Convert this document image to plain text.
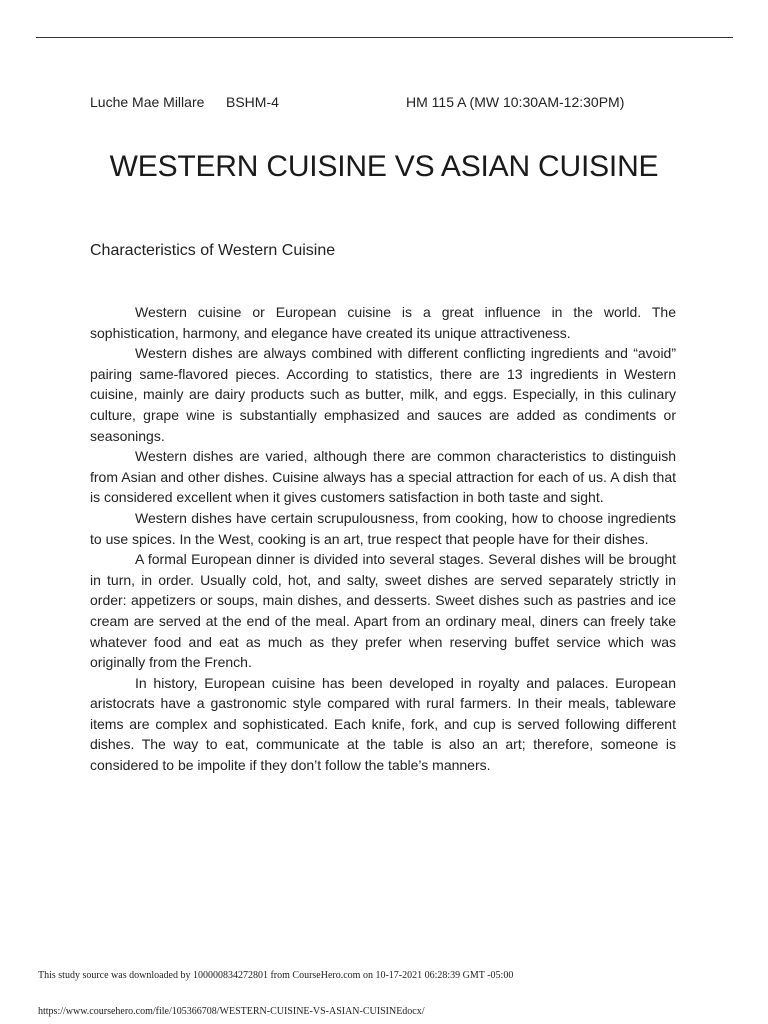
Luche Mae Millare BSHM-4	HM 115 A (MW 10:30AM-12:30PM)
WESTERN CUISINE VS ASIAN CUISINE
Characteristics of Western Cuisine

Western cuisine or European cuisine is a great influence in the world. The sophistication, harmony, and elegance have created its unique attractiveness.

Western dishes are always combined with different conflicting ingredients and “avoid” pairing same-flavored pieces. According to statistics, there are 13 ingredients in Western cuisine, mainly are dairy products such as butter, milk, and eggs. Especially, in this culinary culture, grape wine is substantially emphasized and sauces are added as condiments or seasonings.

Western dishes are varied, although there are common characteristics to distinguish from Asian and other dishes. Cuisine always has a special attraction for each of us. A dish that is considered excellent when it gives customers satisfaction in both taste and sight.

Western dishes have certain scrupulousness, from cooking, how to choose ingredients to use spices. In the West, cooking is an art, true respect that people have for their dishes.

A formal European dinner is divided into several stages. Several dishes will be brought in turn, in order. Usually cold, hot, and salty, sweet dishes are served separately strictly in order: appetizers or soups, main dishes, and desserts. Sweet dishes such as pastries and ice cream are served at the end of the meal. Apart from an ordinary meal, diners can freely take whatever food and eat as much as they prefer when reserving buffet service which was originally from the French.

In history, European cuisine has been developed in royalty and palaces. European aristocrats have a gastronomic style compared with rural farmers. In their meals, tableware items are complex and sophisticated. Each knife, fork, and cup is served following different dishes. The way to eat, communicate at the table is also an art; therefore, someone is considered to be impolite if they don’t follow the table’s manners.

This study source was downloaded by 100000834272801 from CourseHero.com on 10-17-2021 06:28:39 GMT -05:00
https://www.coursehero.com/file/105366708/WESTERN-CUISINE-VS-ASIAN-CUISINEdocx/
